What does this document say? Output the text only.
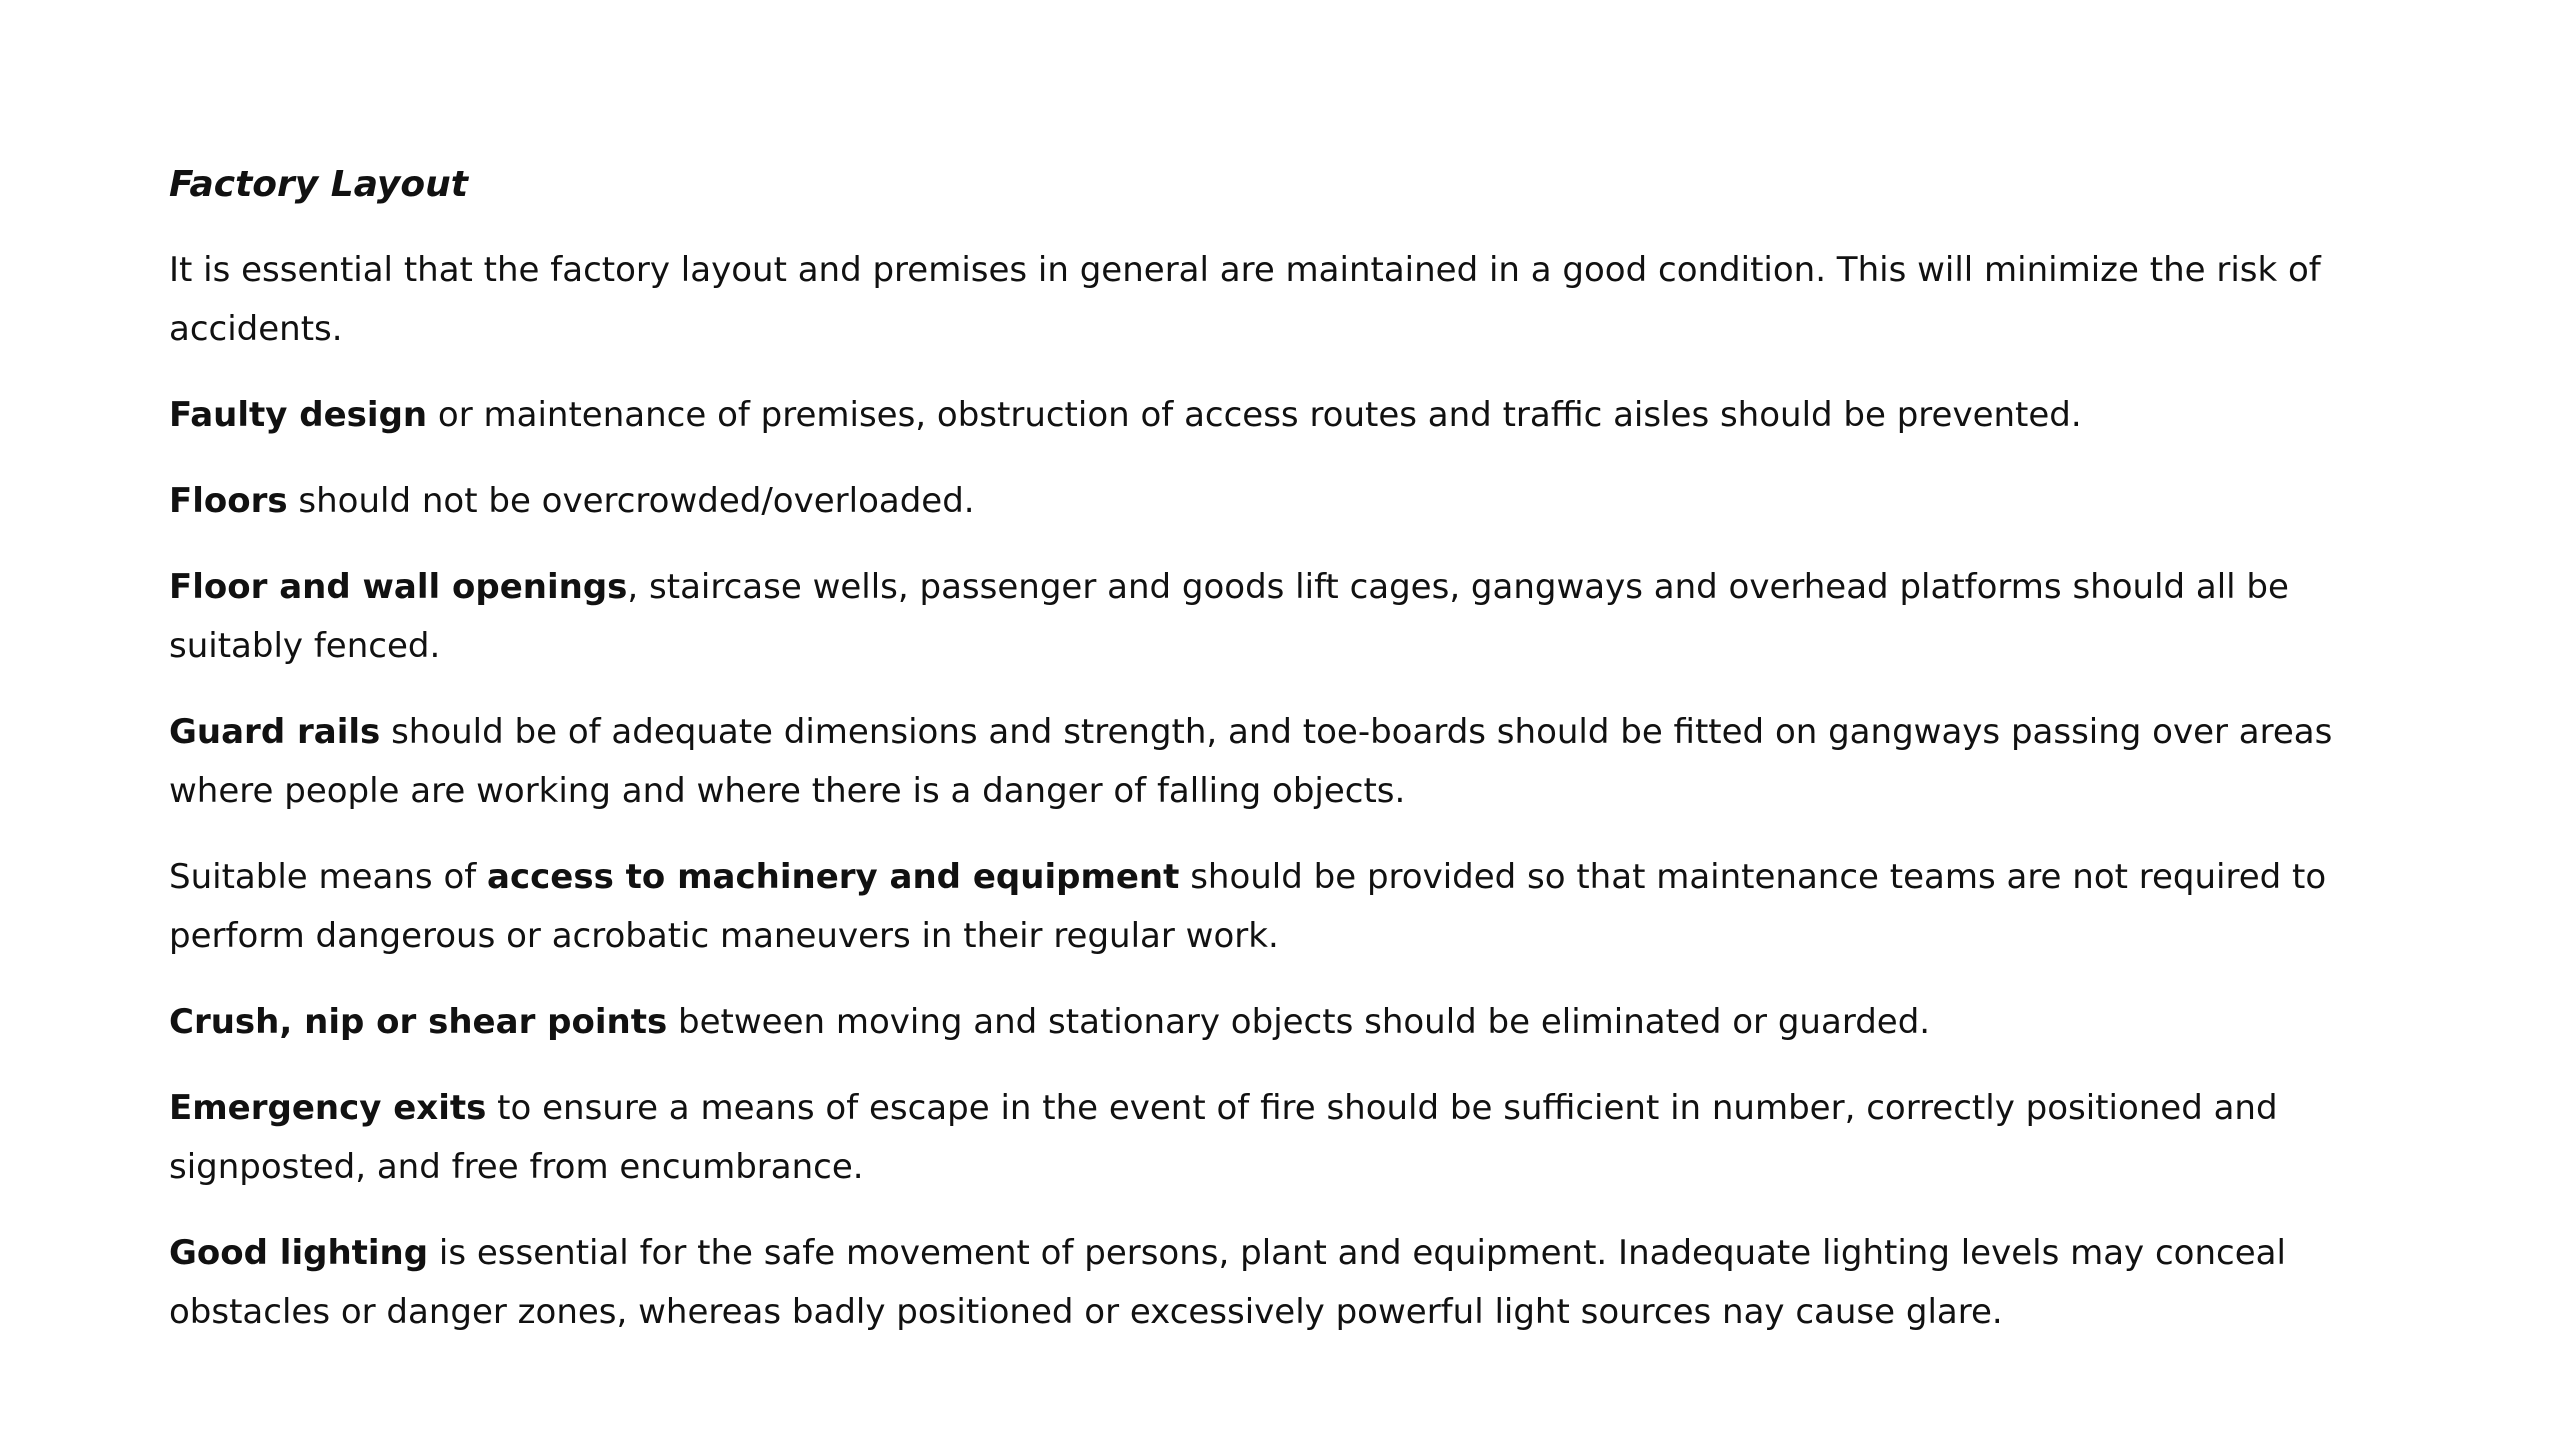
Factory Layout

It is essential that the factory layout and premises in general are maintained in a good condition. This will minimize the risk of accidents.

Faulty design or maintenance of premises, obstruction of access routes and traffic aisles should be prevented.

Floors should not be overcrowded/overloaded.

Floor and wall openings, staircase wells, passenger and goods lift cages, gangways and overhead platforms should all be suitably fenced.

Guard rails should be of adequate dimensions and strength, and toe-boards should be fitted on gangways passing over areas where people are working and where there is a danger of falling objects.

Suitable means of access to machinery and equipment should be provided so that maintenance teams are not required to perform dangerous or acrobatic maneuvers in their regular work.

Crush, nip or shear points between moving and stationary objects should be eliminated or guarded.

Emergency exits to ensure a means of escape in the event of fire should be sufficient in number, correctly positioned and signposted, and free from encumbrance.

Good lighting is essential for the safe movement of persons, plant and equipment. Inadequate lighting levels may conceal obstacles or danger zones, whereas badly positioned or excessively powerful light sources nay cause glare.
